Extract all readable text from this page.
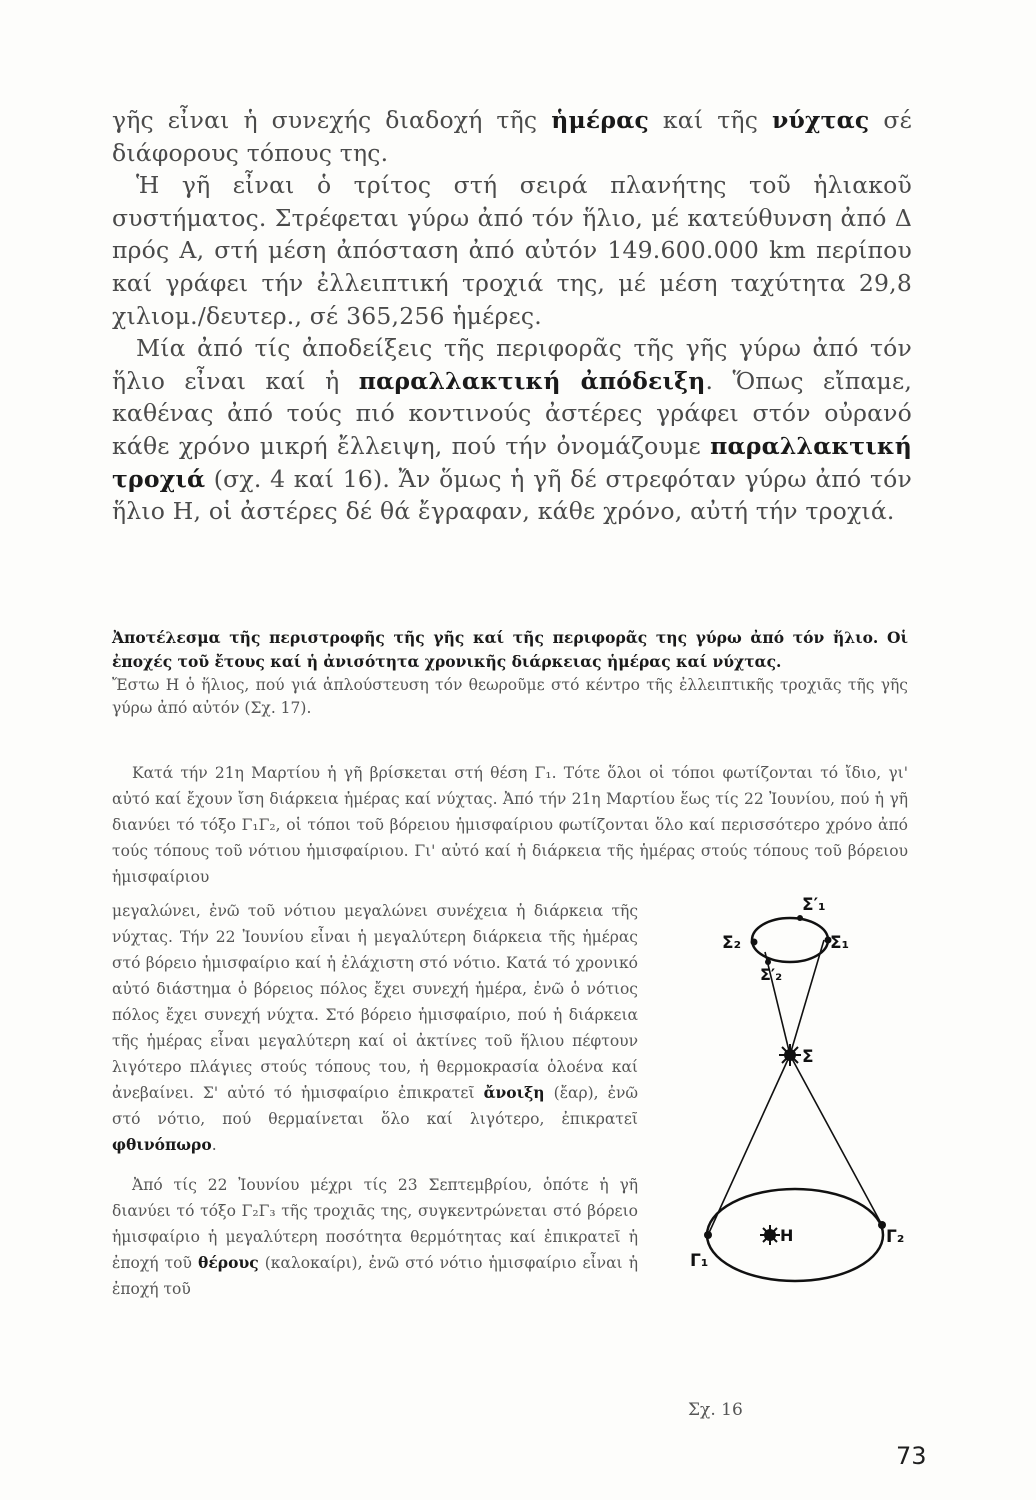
γῆς εἶναι ἡ συνεχής διαδοχή τῆς ἡμέρας καί τῆς νύχτας σέ διάφορους τόπους της.

Ἡ γῆ εἶναι ὁ τρίτος στή σειρά πλανήτης τοῦ ἡλιακοῦ συστήματος. Στρέφεται γύρω ἀπό τόν ἥλιο, μέ κατεύθυνση ἀπό Δ πρός Α, στή μέση ἀπόσταση ἀπό αὐτόν 149.600.000 km περίπου καί γράφει τήν ἐλλειπτική τροχιά της, μέ μέση ταχύτητα 29,8 χιλιομ./δευτερ., σέ 365,256 ἡμέρες.

Μία ἀπό τίς ἀποδείξεις τῆς περιφορᾶς τῆς γῆς γύρω ἀπό τόν ἥλιο εἶναι καί ἡ παραλλακτική ἀπόδειξη. Ὅπως εἴπαμε, καθένας ἀπό τούς πιό κοντινούς ἀστέρες γράφει στόν οὐρανό κάθε χρόνο μικρή ἔλλειψη, πού τήν ὀνομάζουμε παραλλακτική τροχιά (σχ. 4 καί 16). Ἄν ὅμως ἡ γῆ δέ στρεφόταν γύρω ἀπό τόν ἥλιο Η, οἱ ἀστέρες δέ θά ἔγραφαν, κάθε χρόνο, αὐτή τήν τροχιά.

Ἀποτέλεσμα τῆς περιστροφῆς τῆς γῆς καί τῆς περιφορᾶς της γύρω ἀπό τόν ἥλιο. Οἱ ἐποχές τοῦ ἔτους καί ἡ ἀνισότητα χρονικῆς διάρκειας ἡμέρας καί νύχτας.

Ἔστω Η ὁ ἥλιος, πού γιά ἁπλούστευση τόν θεωροῦμε στό κέντρο τῆς ἐλλειπτικῆς τροχιᾶς τῆς γῆς γύρω ἀπό αὐτόν (Σχ. 17).

Κατά τήν 21η Μαρτίου ἡ γῆ βρίσκεται στή θέση Γ₁. Τότε ὅλοι οἱ τόποι φωτίζονται τό ἴδιο, γι' αὐτό καί ἔχουν ἴση διάρκεια ἡμέρας καί νύχτας. Ἀπό τήν 21η Μαρτίου ἕως τίς 22 Ἰουνίου, πού ἡ γῆ διανύει τό τόξο Γ₁Γ₂, οἱ τόποι τοῦ βόρειου ἡμισφαίριου φωτίζονται ὅλο καί περισσότερο χρόνο ἀπό τούς τόπους τοῦ νότιου ἡμισφαίριου. Γι' αὐτό καί ἡ διάρκεια τῆς ἡμέρας στούς τόπους τοῦ βόρειου ἡμισφαίριου

μεγαλώνει, ἐνῶ τοῦ νότιου μεγαλώνει συνέχεια ἡ διάρκεια τῆς νύχτας. Τήν 22 Ἰουνίου εἶναι ἡ μεγαλύτερη διάρκεια τῆς ἡμέρας στό βόρειο ἡμισφαίριο καί ἡ ἐλάχιστη στό νότιο. Κατά τό χρονικό αὐτό διάστημα ὁ βόρειος πόλος ἔχει συνεχή ἡμέρα, ἐνῶ ὁ νότιος πόλος ἔχει συνεχή νύχτα. Στό βόρειο ἡμισφαίριο, πού ἡ διάρκεια τῆς ἡμέρας εἶναι μεγαλύτερη καί οἱ ἀκτίνες τοῦ ἥλιου πέφτουν λιγότερο πλάγιες στούς τόπους του, ἡ θερμοκρασία ὁλοένα καί ἀνεβαίνει. Σ' αὐτό τό ἡμισφαίριο ἐπικρατεῖ ἄνοιξη (ἔαρ), ἐνῶ στό νότιο, πού θερμαίνεται ὅλο καί λιγότερο, ἐπικρατεῖ φθινόπωρο.

Ἀπό τίς 22 Ἰουνίου μέχρι τίς 23 Σεπτεμβρίου, ὁπότε ἡ γῆ διανύει τό τόξο Γ₂Γ₃ τῆς τροχιᾶς της, συγκεντρώνεται στό βόρειο ἡμισφαίριο ἡ μεγαλύτερη ποσότητα θερμότητας καί ἐπικρατεῖ ἡ ἐποχή τοῦ θέρους (καλοκαίρι), ἐνῶ στό νότιο ἡμισφαίριο εἶναι ἡ ἐποχή τοῦ

Σ′₁
Σ₂	Σ₁
Σ′₂
Σ
Η
Γ₁
Γ₂
Σχ. 16
73
